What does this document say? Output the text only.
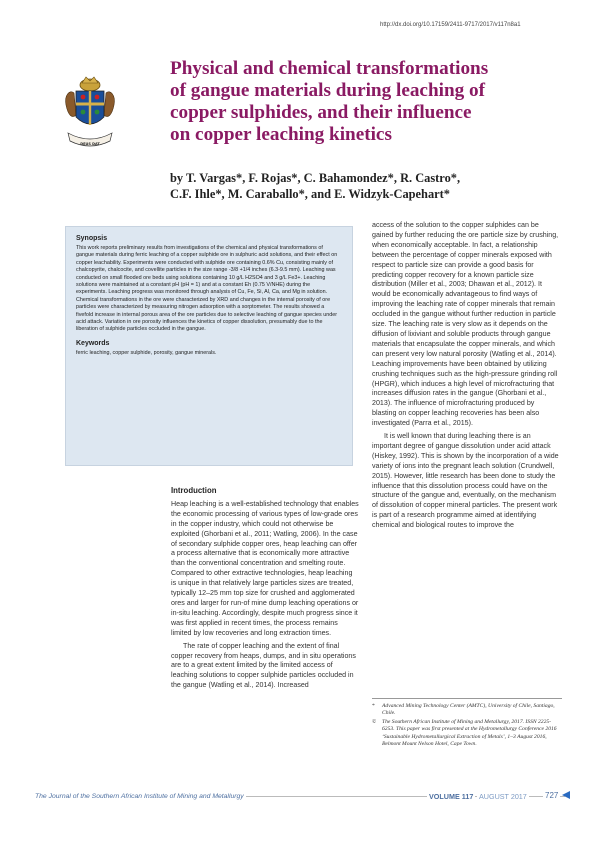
http://dx.doi.org/10.17159/2411-9717/2017/v117n8a1
DEUS DAT
Physical and chemical transformations
of gangue materials during leaching of
copper sulphides, and their influence
on copper leaching kinetics
by T. Vargas*, F. Rojas*, C. Bahamondez*, R. Castro*,
C.F. Ihle*, M. Caraballo*, and E. Widzyk-Capehart*
Synopsis

This work reports preliminary results from investigations of the chemical and physical transformations of gangue materials during ferric leaching of a copper sulphide ore in sulphuric acid solutions, and their effect on copper leachability. Experiments were conducted with sulphide ore containing 0.6% Cu, consisting mainly of chalcopyrite, chalcocite, and covellite particles in the size range -3/8 +1/4 inches (6.3-9.5 mm). Leaching was conducted on small flooded ore beds using solutions containing 10 g/L H2SO4 and 3 g/L Fe3+. Leaching solutions were maintained at a constant pH (pH = 1) and at a constant Eh (0.75 V/NHE) during the experiments. Leaching progress was monitored through analysis of Cu, Fe, Si, Al, Ca, and Mg in solution. Chemical transformations in the ore were characterized by XRD and changes in the internal porosity of ore particles were characterized by measuring nitrogen adsorption with a sorptometer. The results showed a fivefold increase in internal porous area of the ore particles due to selective leaching of gangue species under acid attack. Variation in ore porosity influences the kinetics of copper dissolution, presumably due to the liberation of sulphide particles occluded in the gangue.

Keywords

ferric leaching, copper sulphide, porosity, gangue minerals.

Introduction

Heap leaching is a well-established technology that enables the economic processing of various types of low-grade ores in the copper industry, which could not otherwise be exploited (Ghorbani et al., 2011; Watling, 2006). In the case of secondary sulphide copper ores, heap leaching can offer a process alternative that is economically more attractive than the conventional concentration and smelting route. Compared to other extractive technologies, heap leaching is unique in that relatively large particles sizes are treated, typically 12–25 mm top size for crushed and agglomerated ores and larger for run-of mine dump leaching operations or in-situ leaching. Accordingly, despite much progress since it was first applied in recent times, the process remains limited by low recoveries and long extraction times.

The rate of copper leaching and the extent of final copper recovery from heaps, dumps, and in situ operations are to a great extent limited by the limited access of leaching solutions to copper sulphide particles occluded in the gangue (Watling et al., 2014). Increased

access of the solution to the copper sulphides can be gained by further reducing the ore particle size by crushing, when economically acceptable. In fact, a relationship between the percentage of copper minerals exposed with respect to particle size can provide a good basis for predicting copper recovery for a known particle size distribution (Miller et al., 2003; Dhawan et al., 2012). It would be economically advantageous to find ways of improving the leaching rate of copper minerals that remain occluded in the gangue without further reduction in particle size. The leaching rate is very slow as it depends on the diffusion of lixiviant and soluble products through gangue materials that encapsulate the copper minerals, and which can present very low natural porosity (Watling et al., 2014). Leaching improvements have been obtained by utilizing crushing techniques such as the high-pressure grinding roll (HPGR), which induces a high level of microfracturing that increases diffusion rates in the gangue (Ghorbani et al., 2013). The influence of microfracturing produced by blasting on copper leaching recoveries has been also investigated (Parra et al., 2015).

It is well known that during leaching there is an important degree of gangue dissolution under acid attack (Hiskey, 1992). This is shown by the incorporation of a wide variety of ions into the pregnant leach solution (Crundwell, 2015). However, little research has been done to study the influence that this dissolution process could have on the structure of the gangue and, eventually, on the mechanism of dissolution of copper mineral particles. The present work is part of a research programme aimed at identifying chemical and biological routes to improve the

*	Advanced Mining Technology Center (AMTC), University of Chile, Santiago, Chile.
©	The Southern African Institute of Mining and Metallurgy, 2017. ISSN 2225-6253. This paper was first presented at the Hydrometallurgy Conference 2016 ‘Sustainable Hydrometallurgical Extraction of Metals’, 1–3 August 2016, Belmont Mount Nelson Hotel, Cape Town.
The Journal of the Southern African Institute of Mining and Metallurgy	VOLUME 117 AUGUST 2017 727
